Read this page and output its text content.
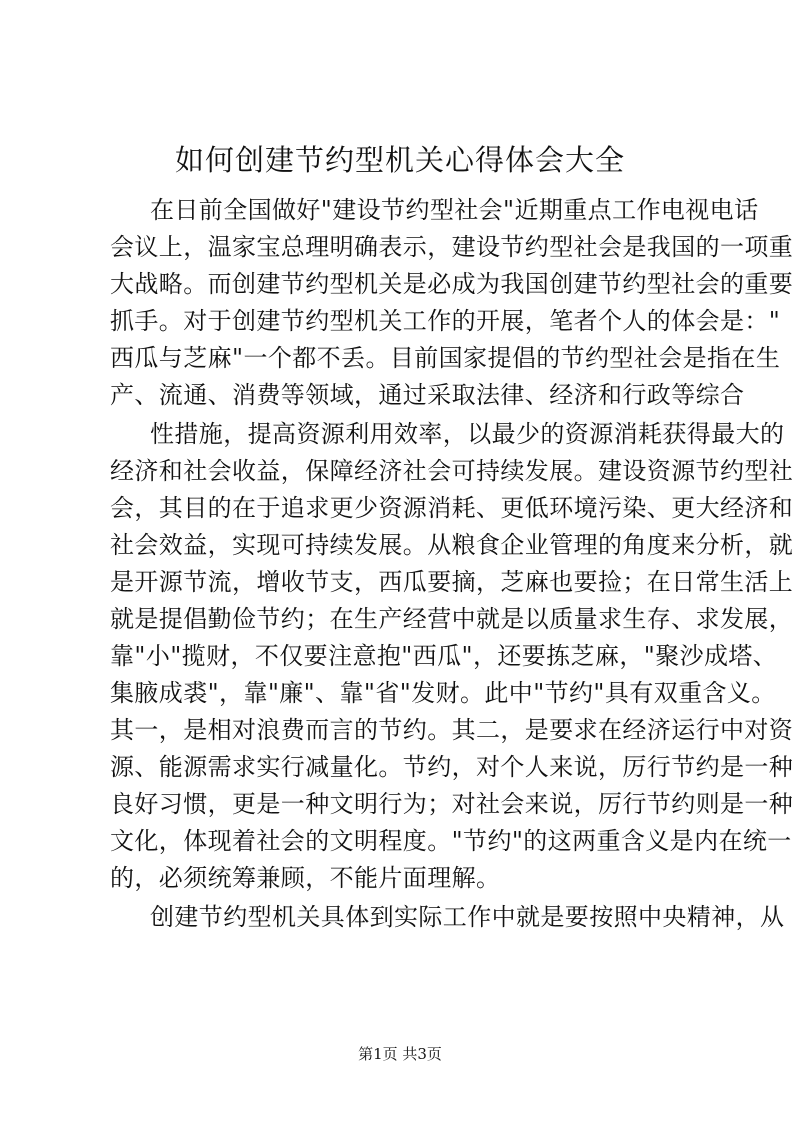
如何创建节约型机关心得体会大全
在日前全国做好"建设节约型社会"近期重点工作电视电话
会议上，温家宝总理明确表示，建设节约型社会是我国的一项重
大战略。而创建节约型机关是必成为我国创建节约型社会的重要
抓手。对于创建节约型机关工作的开展，笔者个人的体会是："
西瓜与芝麻"一个都不丢。目前国家提倡的节约型社会是指在生
产、流通、消费等领域，通过采取法律、经济和行政等综合
性措施，提高资源利用效率，以最少的资源消耗获得最大的
经济和社会收益，保障经济社会可持续发展。建设资源节约型社
会，其目的在于追求更少资源消耗、更低环境污染、更大经济和
社会效益，实现可持续发展。从粮食企业管理的角度来分析，就
是开源节流，增收节支，西瓜要摘，芝麻也要捡；在日常生活上
就是提倡勤俭节约；在生产经营中就是以质量求生存、求发展，
靠"小"揽财，不仅要注意抱"西瓜"，还要拣芝麻，"聚沙成塔、
集腋成裘"，靠"廉"、靠"省"发财。此中"节约"具有双重含义。
其一，是相对浪费而言的节约。其二，是要求在经济运行中对资
源、能源需求实行减量化。节约，对个人来说，厉行节约是一种
良好习惯，更是一种文明行为；对社会来说，厉行节约则是一种
文化，体现着社会的文明程度。"节约"的这两重含义是内在统一
的，必须统筹兼顾，不能片面理解。
创建节约型机关具体到实际工作中就是要按照中央精神，从
第1页 共3页
